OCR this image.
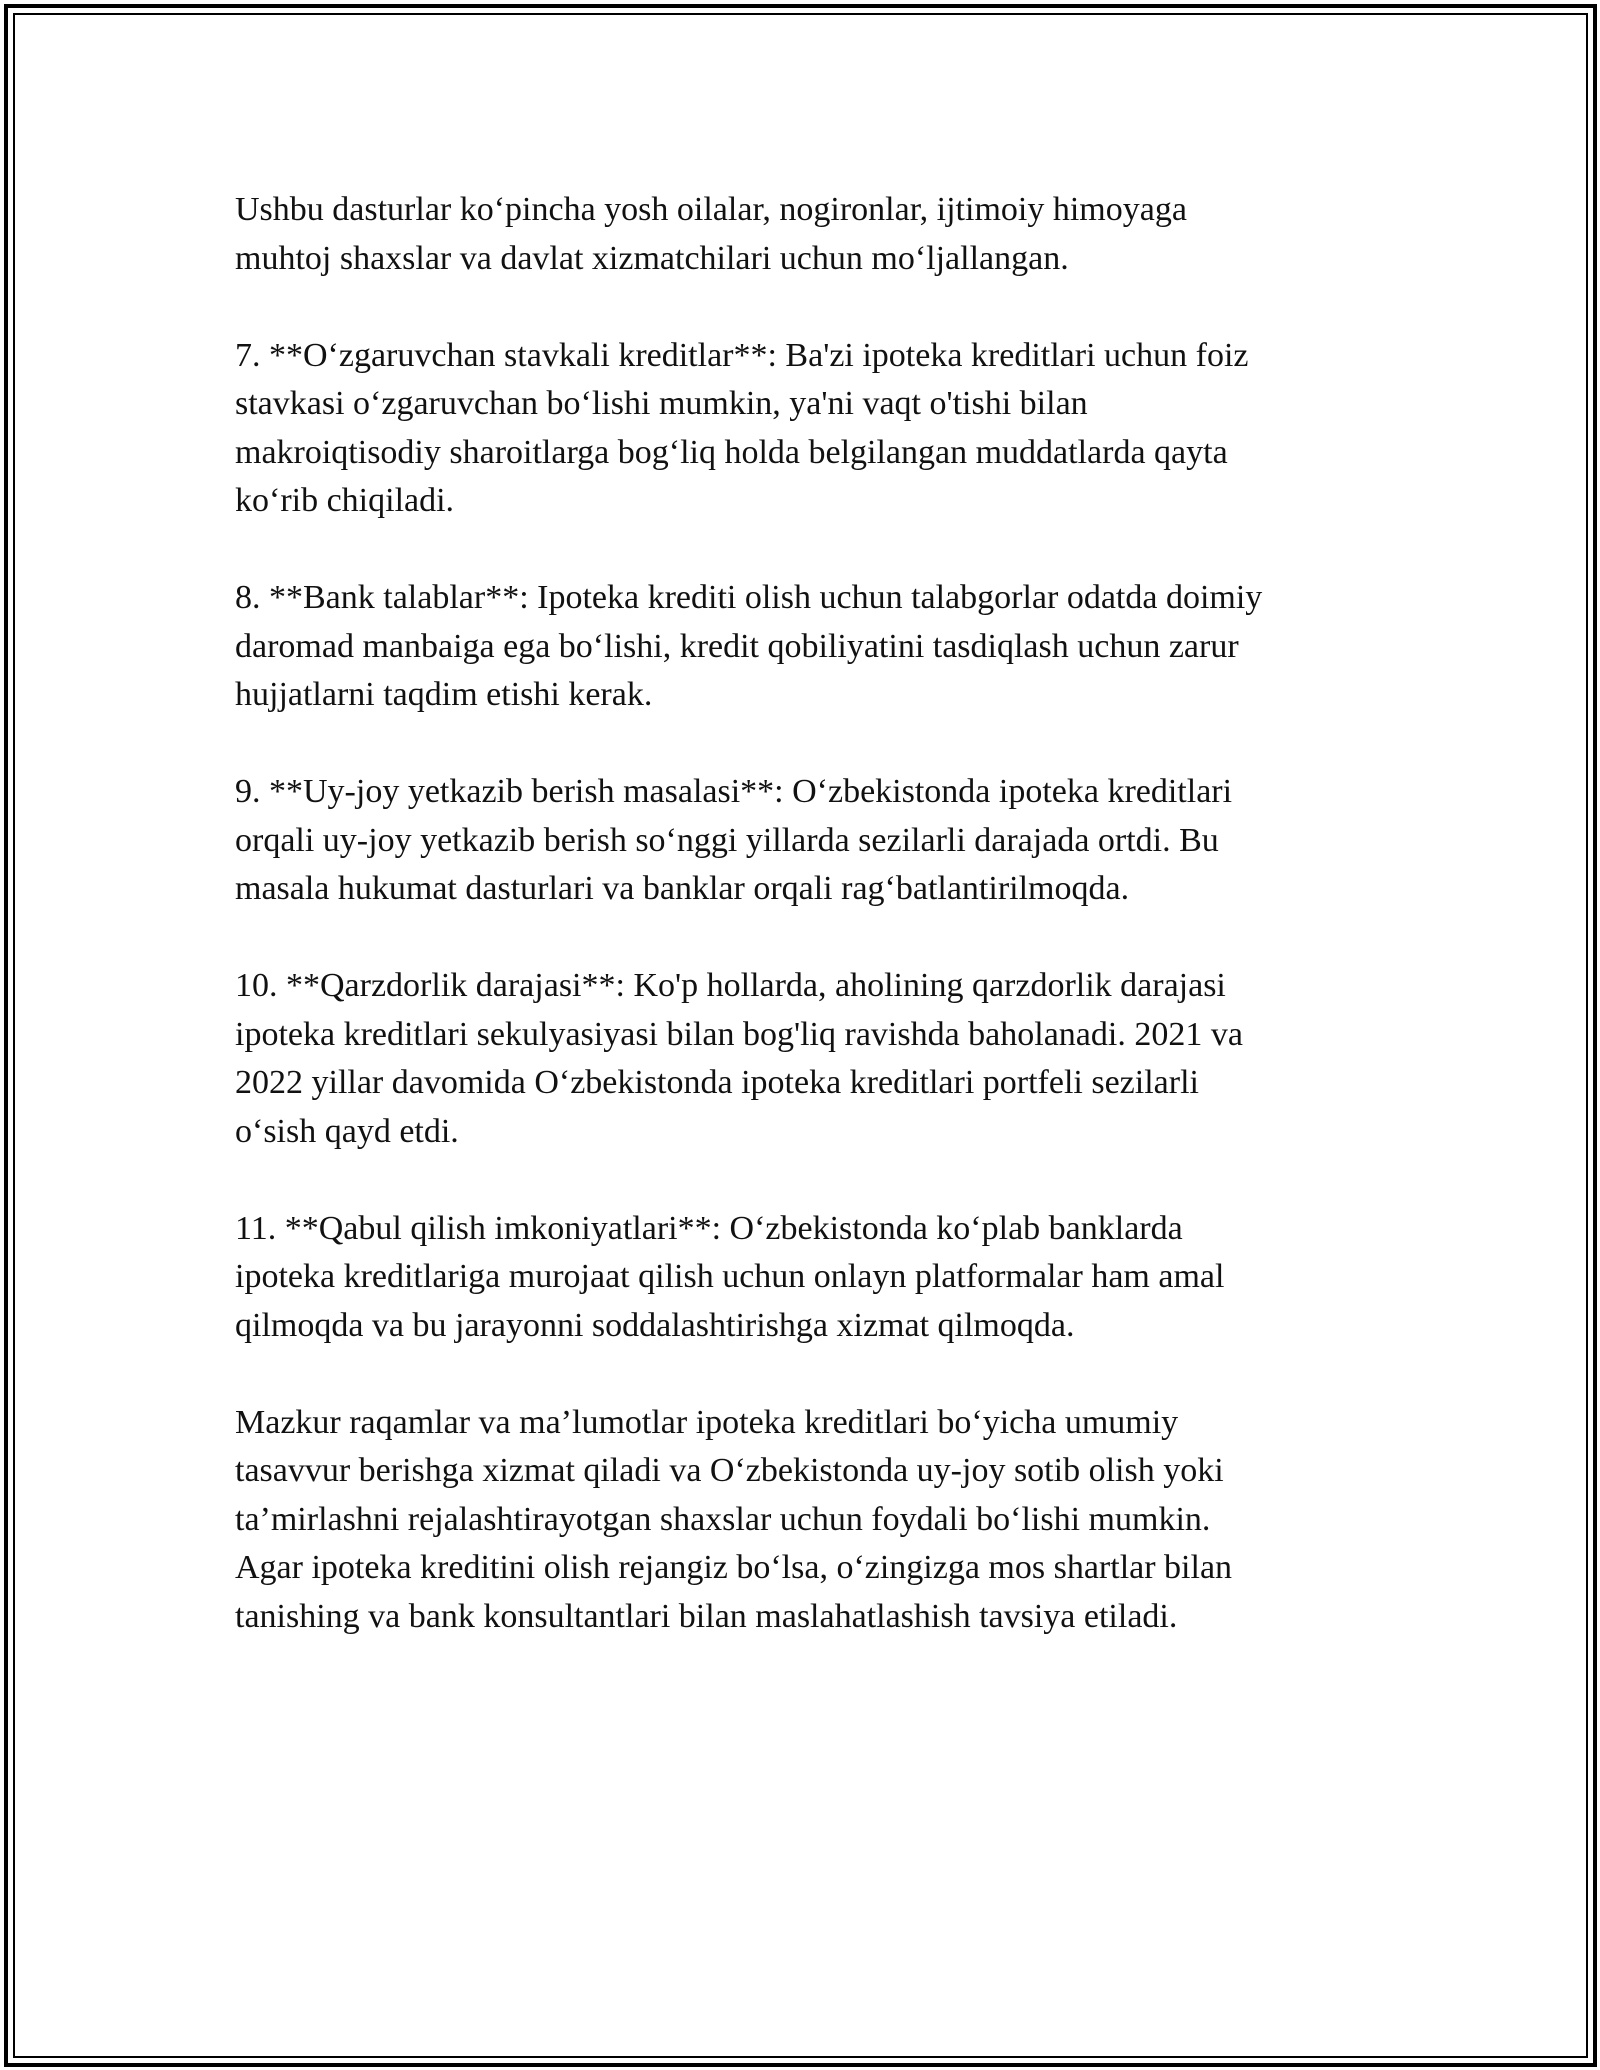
Ushbu dasturlar ko‘pincha yosh oilalar, nogironlar, ijtimoiy himoyaga
muhtoj shaxslar va davlat xizmatchilari uchun mo‘ljallangan.

7. **O‘zgaruvchan stavkali kreditlar**: Ba'zi ipoteka kreditlari uchun foiz
stavkasi o‘zgaruvchan bo‘lishi mumkin, ya'ni vaqt o'tishi bilan
makroiqtisodiy sharoitlarga bog‘liq holda belgilangan muddatlarda qayta
ko‘rib chiqiladi.

8. **Bank talablar**: Ipoteka krediti olish uchun talabgorlar odatda doimiy
daromad manbaiga ega bo‘lishi, kredit qobiliyatini tasdiqlash uchun zarur
hujjatlarni taqdim etishi kerak.

9. **Uy-joy yetkazib berish masalasi**: O‘zbekistonda ipoteka kreditlari
orqali uy-joy yetkazib berish so‘nggi yillarda sezilarli darajada ortdi. Bu
masala hukumat dasturlari va banklar orqali rag‘batlantirilmoqda.

10. **Qarzdorlik darajasi**: Ko'p hollarda, aholining qarzdorlik darajasi
ipoteka kreditlari sekulyasiyasi bilan bog'liq ravishda baholanadi. 2021 va
2022 yillar davomida O‘zbekistonda ipoteka kreditlari portfeli sezilarli
o‘sish qayd etdi.

11. **Qabul qilish imkoniyatlari**: O‘zbekistonda ko‘plab banklarda
ipoteka kreditlariga murojaat qilish uchun onlayn platformalar ham amal
qilmoqda va bu jarayonni soddalashtirishga xizmat qilmoqda.

Mazkur raqamlar va ma’lumotlar ipoteka kreditlari bo‘yicha umumiy
tasavvur berishga xizmat qiladi va O‘zbekistonda uy-joy sotib olish yoki
ta’mirlashni rejalashtirayotgan shaxslar uchun foydali bo‘lishi mumkin.
Agar ipoteka kreditini olish rejangiz bo‘lsa, o‘zingizga mos shartlar bilan
tanishing va bank konsultantlari bilan maslahatlashish tavsiya etiladi.
